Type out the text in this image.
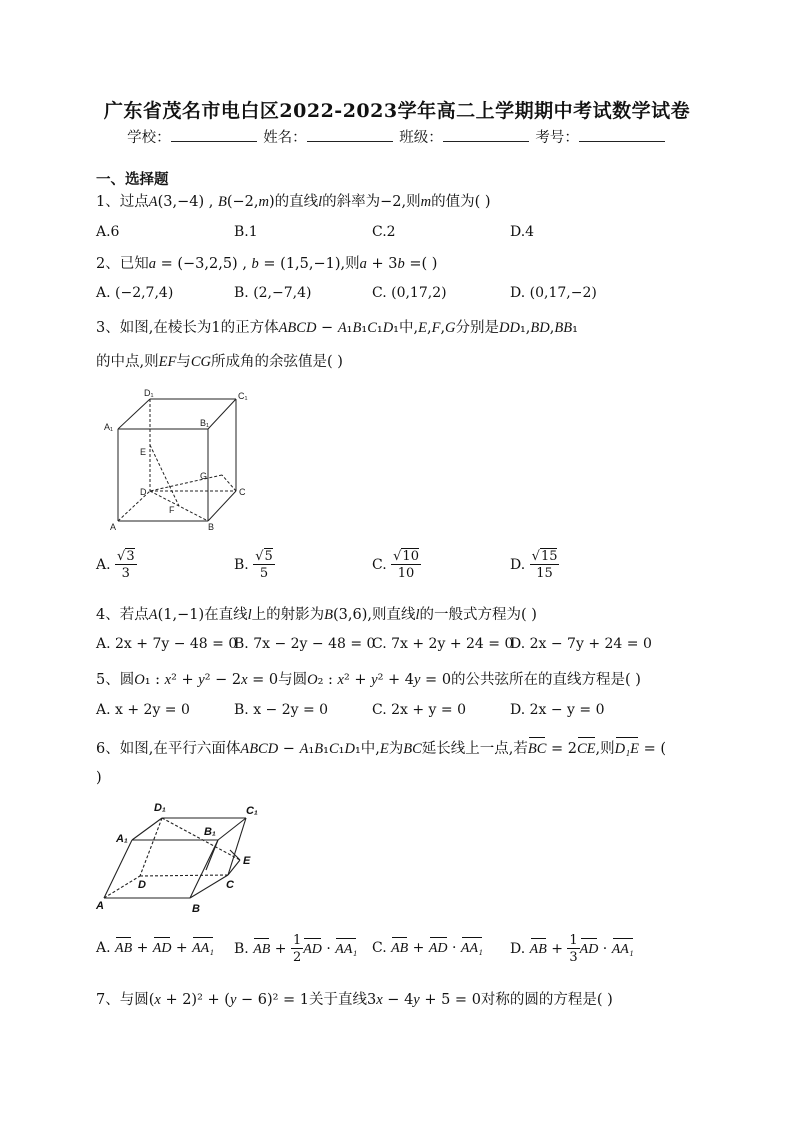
广东省茂名市电白区2022-2023学年高二上学期期中考试数学试卷
学校：	姓名：	班级：	考号：
一、选择题
1、过点A(3,−4) , B(−2,m)的直线l的斜率为−2,则m的值为( )
A.6	B.1	C.2	D.4
2、已知a = (−3,2,5) , b = (1,5,−1),则a + 3b =( )
A. (−2,7,4)	B. (2,−7,4)	C. (0,17,2)	D. (0,17,−2)
3、如图,在棱长为1的正方体ABCD − A₁B₁C₁D₁中,E,F,G分别是DD₁,BD,BB₁
的中点,则EF与CG所成角的余弦值是( )
D₁	C₁
A₁	B₁
E
G
D	C
F
A	B
A. $\frac{√3}{3}$	B. $\frac{√5}{5}$	C. $\frac{√10}{10}$	D. $\frac{√15}{15}$
4、若点A(1,−1)在直线l上的射影为B(3,6),则直线l的一般式方程为( )
A. 2x + 7y − 48 = 0
B. 7x − 2y − 48 = 0
C. 7x + 2y + 24 = 0
D. 2x − 7y + 24 = 0
5、圆O₁ : x² + y² − 2x = 0与圆O₂ : x² + y² + 4y = 0的公共弦所在的直线方程是( )
A. x + 2y = 0	B. x − 2y = 0	C. 2x + y = 0	D. 2x − y = 0
6、如图,在平行六面体ABCD − A₁B₁C₁D₁中,E为BC延长线上一点,若BC = 2CE,则D₁E = (
)
D₁	C₁
A₁
B₁
E
D	C
A	B
A. AB + AD + AA₁ B. AB + $\frac{1}{2}$ AD · AA₁ C. AB + AD · AA₁ D. AB + $\frac{1}{3}$ AD · AA₁
7、与圆(x + 2)² + (y − 6)² = 1关于直线3x − 4y + 5 = 0对称的圆的方程是( )
